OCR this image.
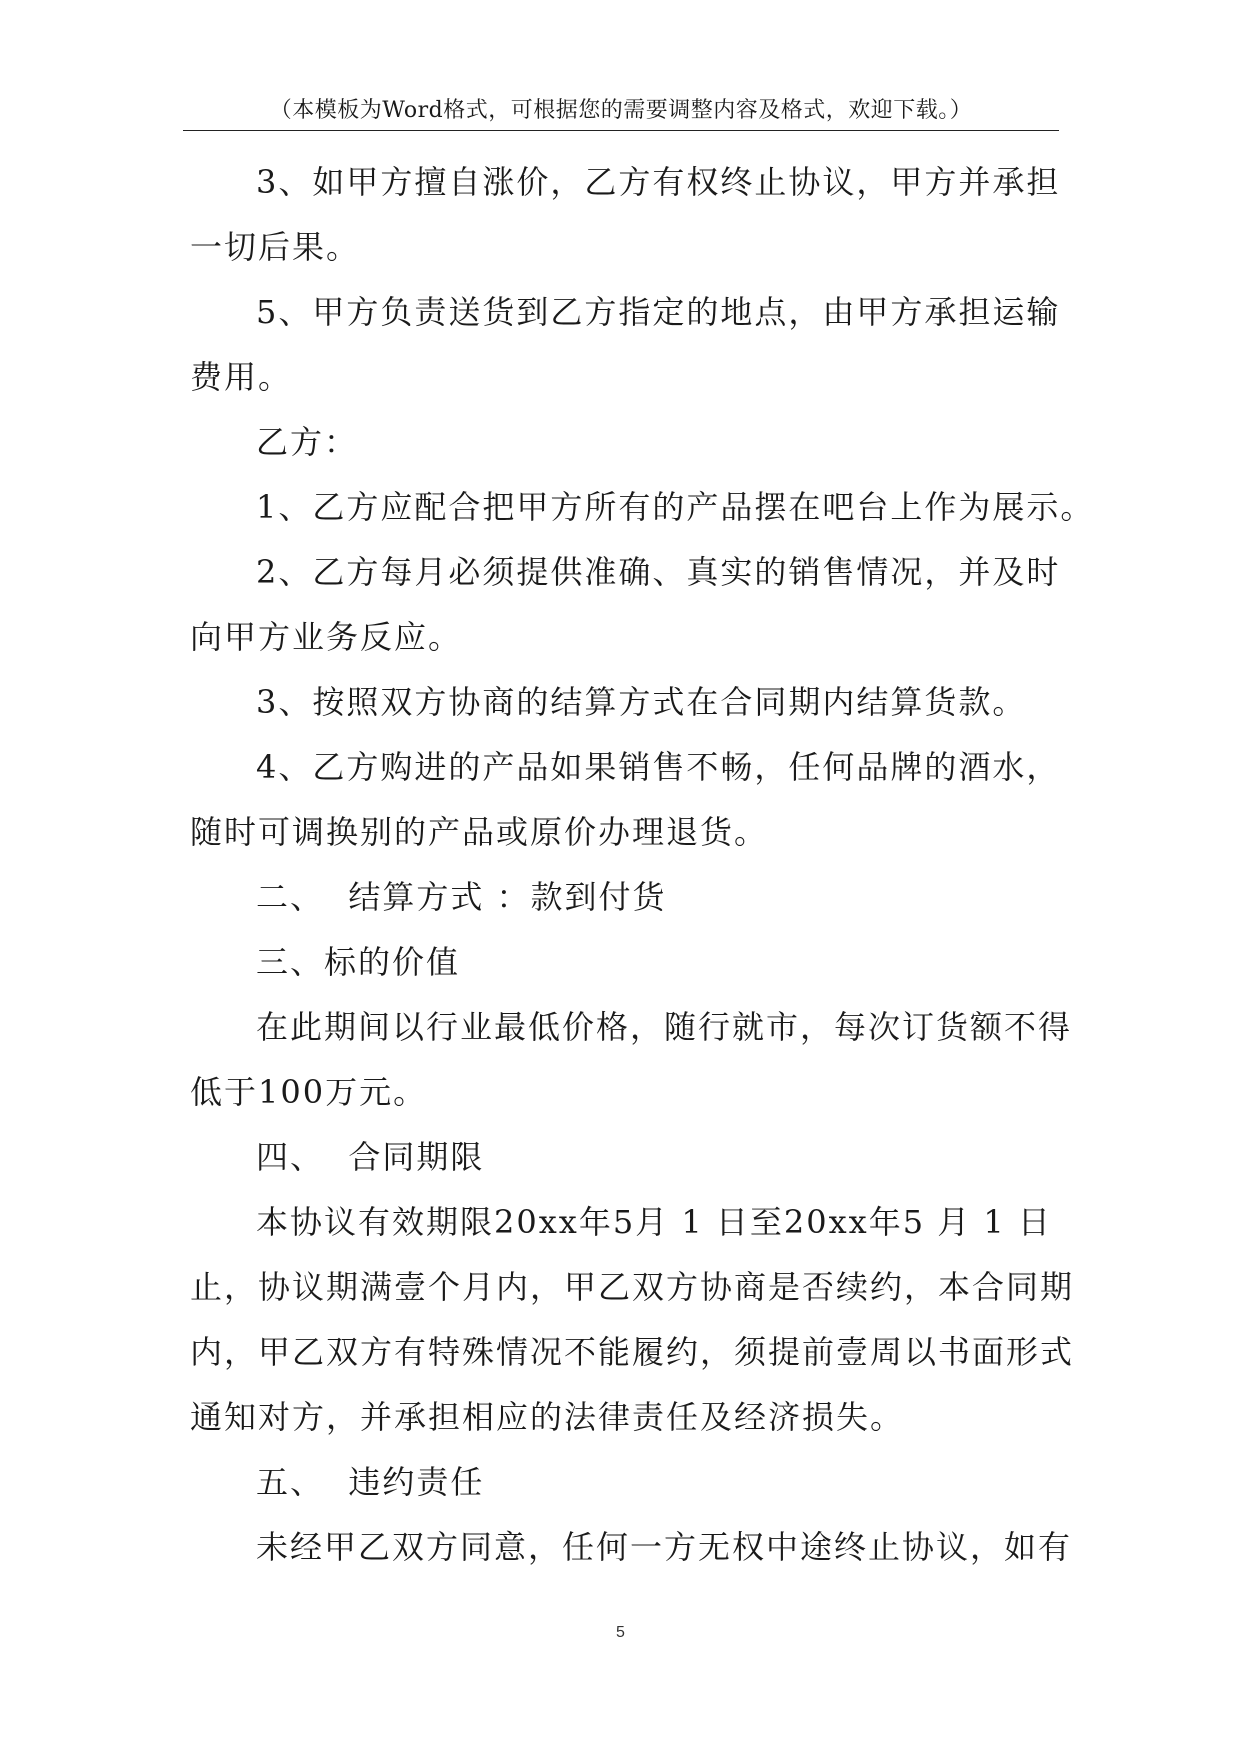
（本模板为Word格式，可根据您的需要调整内容及格式，欢迎下载。）

3、如甲方擅自涨价，乙方有权终止协议，甲方并承担

一切后果。

5、甲方负责送货到乙方指定的地点，由甲方承担运输

费用。

乙方：

1、乙方应配合把甲方所有的产品摆在吧台上作为展示。

2、乙方每月必须提供准确、真实的销售情况，并及时

向甲方业务反应。

3、按照双方协商的结算方式在合同期内结算货款。

4、乙方购进的产品如果销售不畅，任何品牌的酒水，

随时可调换别的产品或原价办理退货。

二、  结算方式 ：款到付货

三、标的价值

在此期间以行业最低价格，随行就市，每次订货额不得

低于100万元。

四、  合同期限

本协议有效期限20xx年5月 1 日至20xx年5 月 1 日

止，协议期满壹个月内，甲乙双方协商是否续约，本合同期

内，甲乙双方有特殊情况不能履约，须提前壹周以书面形式

通知对方，并承担相应的法律责任及经济损失。

五、  违约责任

未经甲乙双方同意，任何一方无权中途终止协议，如有

5
